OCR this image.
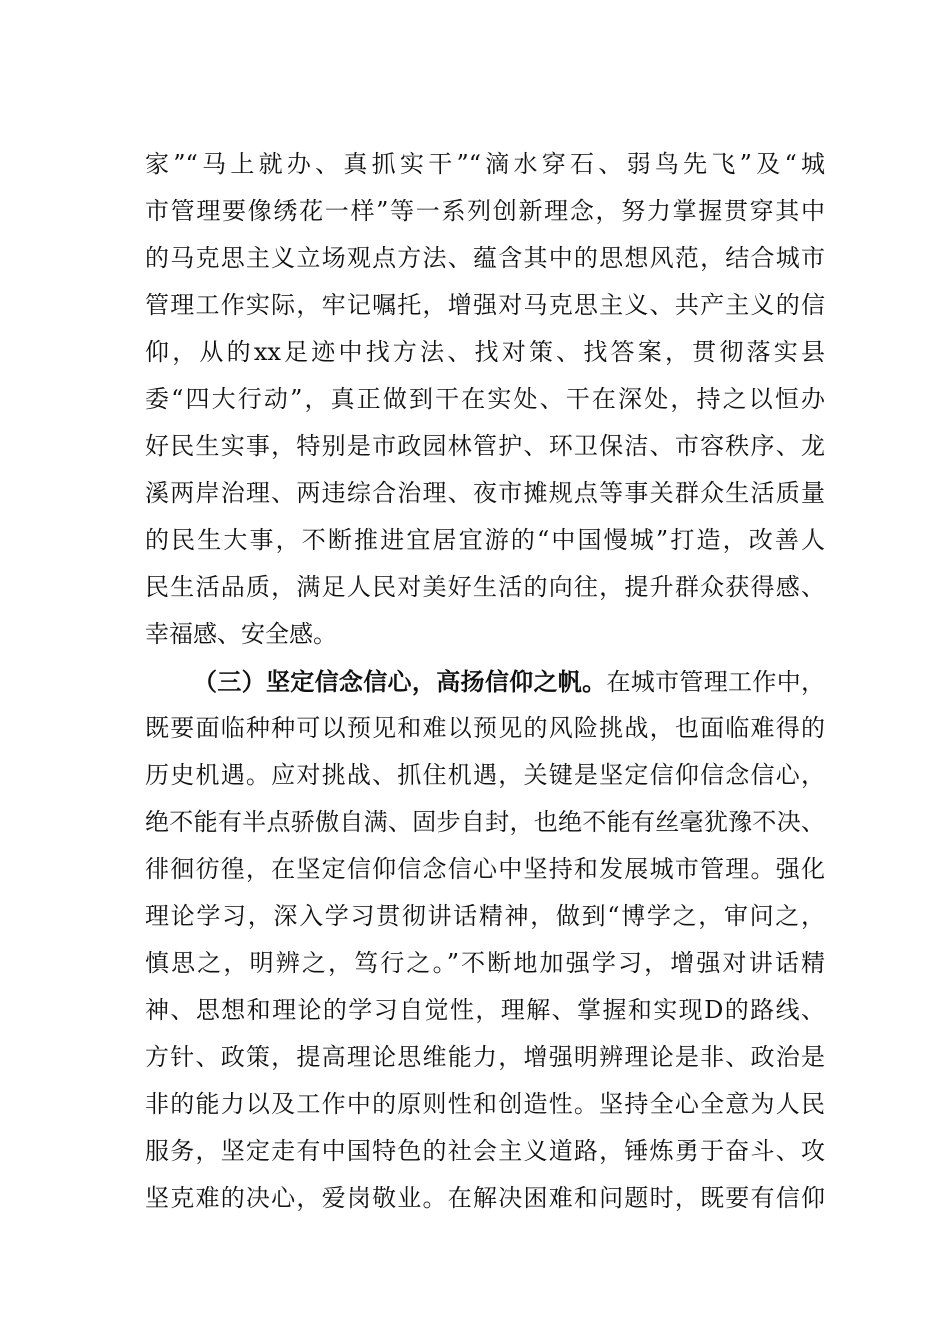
家”“马上就办、真抓实干”“滴水穿石、弱鸟先飞”及“城
市管理要像绣花一样”等一系列创新理念，努力掌握贯穿其中
的马克思主义立场观点方法、蕴含其中的思想风范，结合城市
管理工作实际，牢记嘱托，增强对马克思主义、共产主义的信
仰，从的xx足迹中找方法、找对策、找答案，贯彻落实县
委“四大行动”，真正做到干在实处、干在深处，持之以恒办
好民生实事，特别是市政园林管护、环卫保洁、市容秩序、龙
溪两岸治理、两违综合治理、夜市摊规点等事关群众生活质量
的民生大事，不断推进宜居宜游的“中国慢城”打造，改善人
民生活品质，满足人民对美好生活的向往，提升群众获得感、
幸福感、安全感。
（三）坚定信念信心，高扬信仰之帆。在城市管理工作中，
既要面临种种可以预见和难以预见的风险挑战，也面临难得的
历史机遇。应对挑战、抓住机遇，关键是坚定信仰信念信心，
绝不能有半点骄傲自满、固步自封，也绝不能有丝毫犹豫不决、
徘徊彷徨，在坚定信仰信念信心中坚持和发展城市管理。强化
理论学习，深入学习贯彻讲话精神，做到“博学之，审问之，
慎思之，明辨之，笃行之。”不断地加强学习，增强对讲话精
神、思想和理论的学习自觉性，理解、掌握和实现D的路线、
方针、政策，提高理论思维能力，增强明辨理论是非、政治是
非的能力以及工作中的原则性和创造性。坚持全心全意为人民
服务，坚定走有中国特色的社会主义道路，锤炼勇于奋斗、攻
坚克难的决心，爱岗敬业。在解决困难和问题时，既要有信仰
